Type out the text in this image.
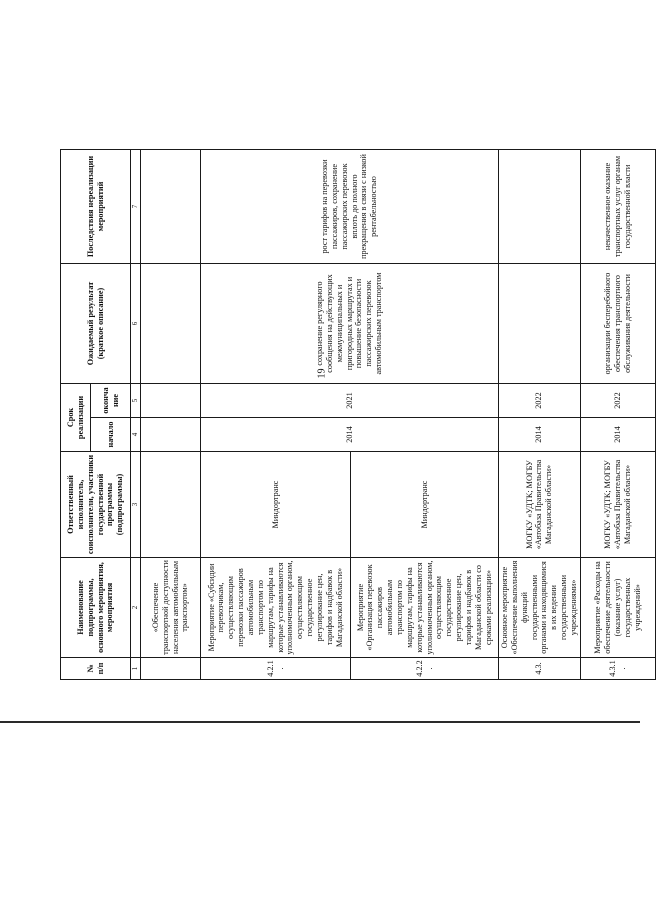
19
№ п/п	Наименование подпрограммы, основного мероприятия, мероприятия	Ответственный исполнитель, соисполнители, участники государственной программы (подпрограммы)	Срок реализации		Ожидаемый результат (краткое описание)	Последствия нереализации мероприятий	
			начало	оконча ние			
1	2	3	4	5	6	7	
	«Обеспечение транспортной доступности населения автомобильным транспортом»						
4.2.1.	Мероприятие «Субсидии перевозчикам, осуществляющим перевозки пассажиров автомобильным транспортом по маршрутам, тарифы на которые устанавливаются уполномоченным органом, осуществляющим государственное регулирование цен, тарифов и надбавок в Магаданской области»	Миндортранс	2014	2021	сохранение регулярного сообщения на действующих межмуниципальных и пригородных маршрутах и повышение безопасности пассажирских перевозок автомобильным транспортом	рост тарифов на перевозки пассажиров, сохранение пассажирских перевозок вплоть до полного прекращения в связи с низкой рентабельностью	
4.2.2.	Мероприятие «Организация перевозок пассажиров автомобильным транспортом по маршрутам, тарифы на которые устанавливаются уполномоченным органом, осуществляющим государственное регулирование цен, тарифов и надбавок в Магаданской области со сроками реализации»	Миндортранс					
4.3.	Основное мероприятие «Обеспечение выполнения функций государственными органами и находящимися в их ведении государственными учреждениями»	МОГКУ «УДТК; МОГБУ «Автобаза Правительства Магаданской области»	2014	2022			
4.3.1.	Мероприятие «Расходы на обеспечение деятельности (оказание услуг) государственных учреждений»	МОГКУ «УДТК; МОГБУ «Автобаза Правительства Магаданской области»	2014	2022	организации бесперебойного обеспечения транспортного обслуживания деятельности	некачественное оказание транспортных услуг органам государственной власти	
